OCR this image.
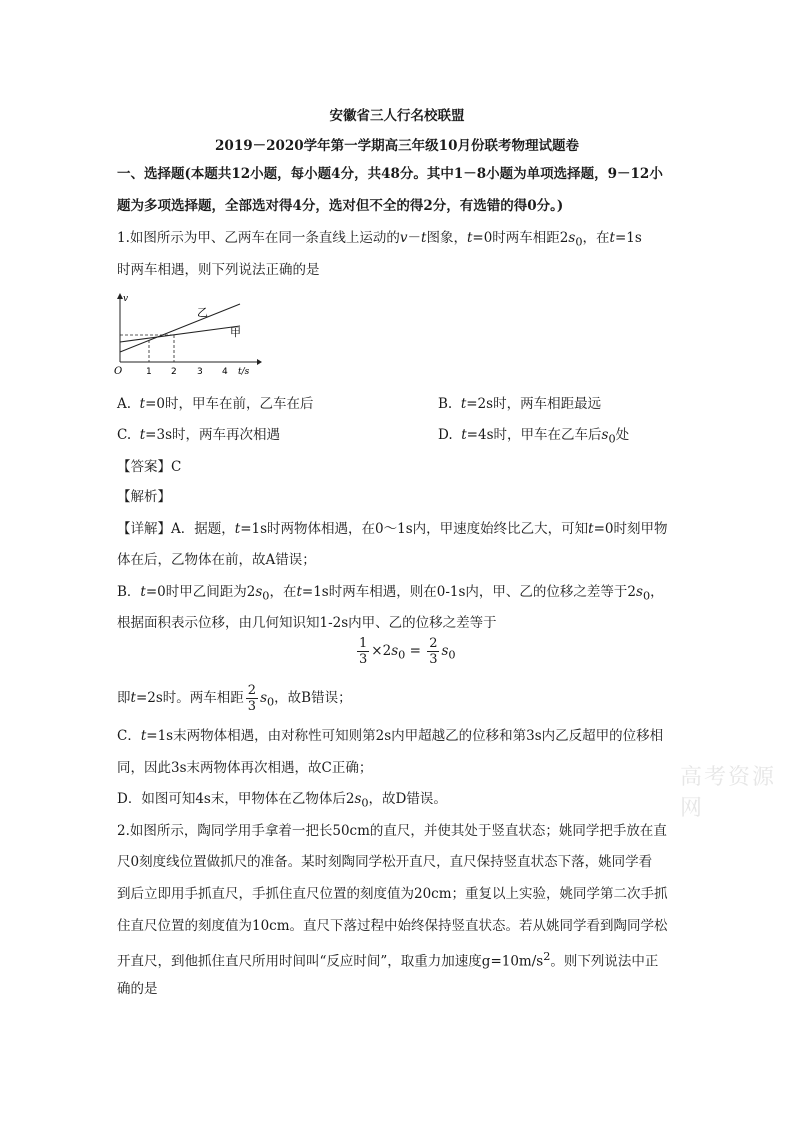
安徽省三人行名校联盟
2019－2020学年第一学期高三年级10月份联考物理试题卷
一、选择题(本题共12小题，每小题4分，共48分。其中1－8小题为单项选择题，9－12小
题为多项选择题，全部选对得4分，选对但不全的得2分，有选错的得0分。)
1.如图所示为甲、乙两车在同一条直线上运动的v－t图象，t=0时两车相距$2s_0$，在t=1s
时两车相遇，则下列说法正确的是
v
乙
甲
O	1 2 3 4 t/s
A. t=0时，甲车在前，乙车在后	B. t=2s时，两车相距最远
C. t=3s时，两车再次相遇	D. t=4s时，甲车在乙车后$s_0$处
【答案】C
【解析】
【详解】A．据题，t=1s时两物体相遇，在0～1s内，甲速度始终比乙大，可知t=0时刻甲物
体在后，乙物体在前，故A错误；
B．t=0时甲乙间距为$2s_0$，在t=1s时两车相遇，则在0-1s内，甲、乙的位移之差等于$2s_0$，
根据面积表示位移，由几何知识知1-2s内甲、乙的位移之差等于
$\frac{1}{3} \times 2s_0 = \frac{2}{3} s_0$
即t=2s时。两车相距 $\frac{2}{3} s_0$，故B错误；
C．t=1s末两物体相遇，由对称性可知则第2s内甲超越乙的位移和第3s内乙反超甲的位移相
同，因此3s末两物体再次相遇，故C正确；
D．如图可知4s末，甲物体在乙物体后$2s_0$，故D错误。
2.如图所示，陶同学用手拿着一把长50cm的直尺，并使其处于竖直状态；姚同学把手放在直
尺0刻度线位置做抓尺的准备。某时刻陶同学松开直尺，直尺保持竖直状态下落，姚同学看
到后立即用手抓直尺，手抓住直尺位置的刻度值为20cm；重复以上实验，姚同学第二次手抓
住直尺位置的刻度值为10cm。直尺下落过程中始终保持竖直状态。若从姚同学看到陶同学松
开直尺，到他抓住直尺所用时间叫“反应时间”，取重力加速度$g=10m/s^2$。则下列说法中正
确的是
高考资源网
